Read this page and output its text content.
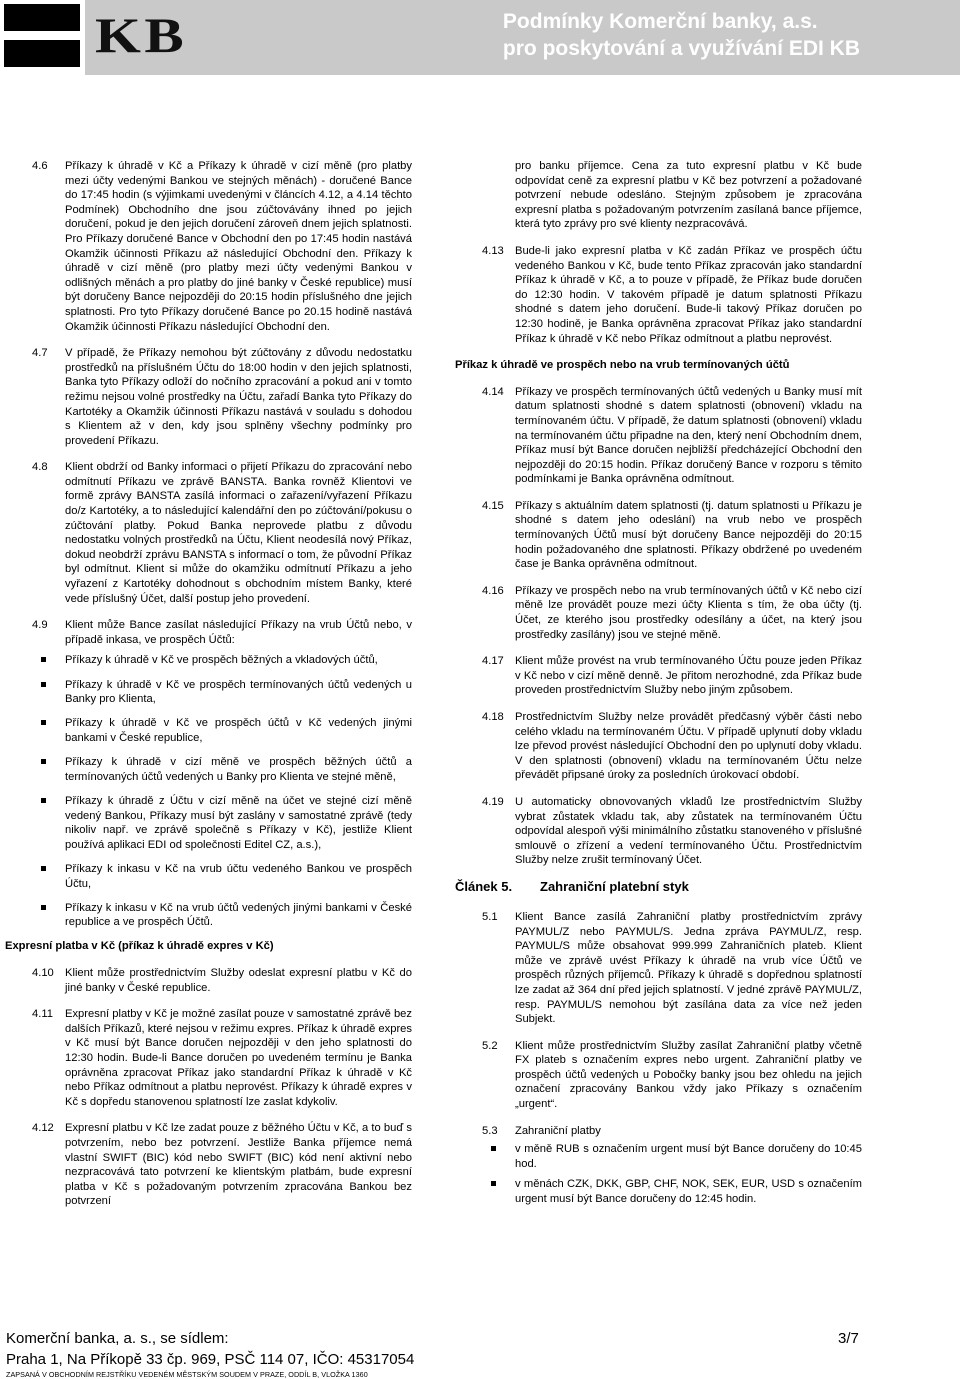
KB	Podmínky Komerční banky, a.s.
pro poskytování a využívání EDI KB
4.6 Příkazy k úhradě v Kč a Příkazy k úhradě v cizí měně (pro platby mezi účty vedenými Bankou ve stejných měnách) - doručené Bance do 17:45 hodin (s výjimkami uvedenými v článcích 4.12, a 4.14 těchto Podmínek) Obchodního dne jsou zúčtovávány ihned po jejich doručení, pokud je den jejich doručení zároveň dnem jejich splatnosti. Pro Příkazy doručené Bance v Obchodní den po 17:45 hodin nastává Okamžik účinnosti Příkazu až následující Obchodní den. Příkazy k úhradě v cizí měně (pro platby mezi účty vedenými Bankou v odlišných měnách a pro platby do jiné banky v České republice) musí být doručeny Bance nejpozději do 20:15 hodin příslušného dne jejich splatnosti. Pro tyto Příkazy doručené Bance po 20.15 hodině nastává Okamžik účinnosti Příkazu následující Obchodní den.
4.7 V případě, že Příkazy nemohou být zúčtovány z důvodu nedostatku prostředků na příslušném Účtu do 18:00 hodin v den jejich splatnosti, Banka tyto Příkazy odloží do nočního zpracování a pokud ani v tomto režimu nejsou volné prostředky na Účtu, zařadí Banka tyto Příkazy do Kartotéky a Okamžik účinnosti Příkazu nastává v souladu s dohodou s Klientem až v den, kdy jsou splněny všechny podmínky pro provedení Příkazu.
4.8 Klient obdrží od Banky informaci o přijetí Příkazu do zpracování nebo odmítnutí Příkazu ve zprávě BANSTA. Banka rovněž Klientovi ve formě zprávy BANSTA zasílá informaci o zařazení/vyřazení Příkazu do/z Kartotéky, a to následující kalendářní den po zúčtování/pokusu o zúčtování platby. Pokud Banka neprovede platbu z důvodu nedostatku volných prostředků na Účtu, Klient neodesílá nový Příkaz, dokud neobdrží zprávu BANSTA s informací o tom, že původní Příkaz byl odmítnut. Klient si může do okamžiku odmítnutí Příkazu a jeho vyřazení z Kartotéky dohodnout s obchodním místem Banky, které vede příslušný Účet, další postup jeho provedení.
4.9 Klient může Bance zasílat následující Příkazy na vrub Účtů nebo, v případě inkasa, ve prospěch Účtů:
Příkazy k úhradě v Kč ve prospěch běžných a vkladových účtů,
Příkazy k úhradě v Kč ve prospěch termínovaných účtů vedených u Banky pro Klienta,
Příkazy k úhradě v Kč ve prospěch účtů v Kč vedených jinými bankami v České republice,
Příkazy k úhradě v cizí měně ve prospěch běžných účtů a termínovaných účtů vedených u Banky pro Klienta ve stejné měně,
Příkazy k úhradě z Účtu v cizí měně na účet ve stejné cizí měně vedený Bankou, Příkazy musí být zaslány v samostatné zprávě (tedy nikoliv např. ve zprávě společně s Příkazy v Kč), jestliže Klient používá aplikaci EDI od společnosti Editel CZ, a.s.),
Příkazy k inkasu v Kč na vrub účtu vedeného Bankou ve prospěch Účtu,
Příkazy k inkasu v Kč na vrub účtů vedených jinými bankami v České republice a ve prospěch Účtů.
Expresní platba v Kč (příkaz k úhradě expres v Kč)
4.10 Klient může prostřednictvím Služby odeslat expresní platbu v Kč do jiné banky v České republice.
4.11 Expresní platby v Kč je možné zasílat pouze v samostatné zprávě bez dalších Příkazů, které nejsou v režimu expres. Příkaz k úhradě expres v Kč musí být Bance doručen nejpozději v den jeho splatnosti do 12:30 hodin. Bude-li Bance doručen po uvedeném termínu je Banka oprávněna zpracovat Příkaz jako standardní Příkaz k úhradě v Kč nebo Příkaz odmítnout a platbu neprovést. Příkazy k úhradě expres v Kč s dopředu stanovenou splatností lze zaslat kdykoliv.
4.12 Expresní platbu v Kč lze zadat pouze z běžného Účtu v Kč, a to buď s potvrzením, nebo bez potvrzení. Jestliže Banka příjemce nemá vlastní SWIFT (BIC) kód nebo SWIFT (BIC) kód není aktivní nebo nezpracovává tato potvrzení ke klientským platbám, bude expresní platba v Kč s požadovaným potvrzením zpracována Bankou bez potvrzení
pro banku příjemce. Cena za tuto expresní platbu v Kč bude odpovídat ceně za expresní platbu v Kč bez potvrzení a požadované potvrzení nebude odesláno. Stejným způsobem je zpracována expresní platba s požadovaným potvrzením zasílaná bance příjemce, která tyto zprávy pro své klienty nezpracovává.
4.13 Bude-li jako expresní platba v Kč zadán Příkaz ve prospěch účtu vedeného Bankou v Kč, bude tento Příkaz zpracován jako standardní Příkaz k úhradě v Kč, a to pouze v případě, že Příkaz bude doručen do 12:30 hodin. V takovém případě je datum splatnosti Příkazu shodné s datem jeho doručení. Bude-li takový Příkaz doručen po 12:30 hodině, je Banka oprávněna zpracovat Příkaz jako standardní Příkaz k úhradě v Kč nebo Příkaz odmítnout a platbu neprovést.
Příkaz k úhradě ve prospěch nebo na vrub termínovaných účtů
4.14 Příkazy ve prospěch termínovaných účtů vedených u Banky musí mít datum splatnosti shodné s datem splatnosti (obnovení) vkladu na termínovaném účtu. V případě, že datum splatnosti (obnovení) vkladu na termínovaném účtu připadne na den, který není Obchodním dnem, Příkaz musí být Bance doručen nejbližší předcházející Obchodní den nejpozději do 20:15 hodin. Příkaz doručený Bance v rozporu s těmito podmínkami je Banka oprávněna odmítnout.
4.15 Příkazy s aktuálním datem splatnosti (tj. datum splatnosti u Příkazu je shodné s datem jeho odeslání) na vrub nebo ve prospěch termínovaných Účtů musí být doručeny Bance nejpozději do 20:15 hodin požadovaného dne splatnosti. Příkazy obdržené po uvedeném čase je Banka oprávněna odmítnout.
4.16 Příkazy ve prospěch nebo na vrub termínovaných účtů v Kč nebo cizí měně lze provádět pouze mezi účty Klienta s tím, že oba účty (tj. Účet, ze kterého jsou prostředky odesílány a účet, na který jsou prostředky zasílány) jsou ve stejné měně.
4.17 Klient může provést na vrub termínovaného Účtu pouze jeden Příkaz v Kč nebo v cizí měně denně. Je přitom nerozhodné, zda Příkaz bude proveden prostřednictvím Služby nebo jiným způsobem.
4.18 Prostřednictvím Služby nelze provádět předčasný výběr části nebo celého vkladu na termínovaném Účtu. V případě uplynutí doby vkladu lze převod provést následující Obchodní den po uplynutí doby vkladu. V den splatnosti (obnovení) vkladu na termínovaném Účtu nelze převádět připsané úroky za posledních úrokovací období.
4.19 U automaticky obnovovaných vkladů lze prostřednictvím Služby vybrat zůstatek vkladu tak, aby zůstatek na termínovaném Účtu odpovídal alespoň výši minimálního zůstatku stanoveného v příslušné smlouvě o zřízení a vedení termínovaného Účtu. Prostřednictvím Služby nelze zrušit termínovaný Účet.
Článek 5. Zahraniční platební styk
5.1 Klient Bance zasílá Zahraniční platby prostřednictvím zprávy PAYMUL/Z nebo PAYMUL/S. Jedna zpráva PAYMUL/Z, resp. PAYMUL/S může obsahovat 999.999 Zahraničních plateb. Klient může ve zprávě uvést Příkazy k úhradě na vrub více Účtů ve prospěch různých příjemců. Příkazy k úhradě s dopřednou splatností lze zadat až 364 dní před jejich splatností. V jedné zprávě PAYMUL/Z, resp. PAYMUL/S nemohou být zasílána data za více než jeden Subjekt.
5.2 Klient může prostřednictvím Služby zasílat Zahraniční platby včetně FX plateb s označením expres nebo urgent. Zahraniční platby ve prospěch účtů vedených u Pobočky banky jsou bez ohledu na jejich označení zpracovány Bankou vždy jako Příkazy s označením „urgent“.
5.3 Zahraniční platby
v měně RUB s označením urgent musí být Bance doručeny do 10:45 hod.
v měnách CZK, DKK, GBP, CHF, NOK, SEK, EUR, USD s označením urgent musí být Bance doručeny do 12:45 hodin.
Komerční banka, a. s., se sídlem:
Praha 1, Na Příkopě 33 čp. 969, PSČ 114 07, IČO: 45317054
ZAPSANÁ V OBCHODNÍM REJSTŘÍKU VEDENÉM MĚSTSKÝM SOUDEM V PRAZE, ODDÍL B, VLOŽKA 1360
3/7
